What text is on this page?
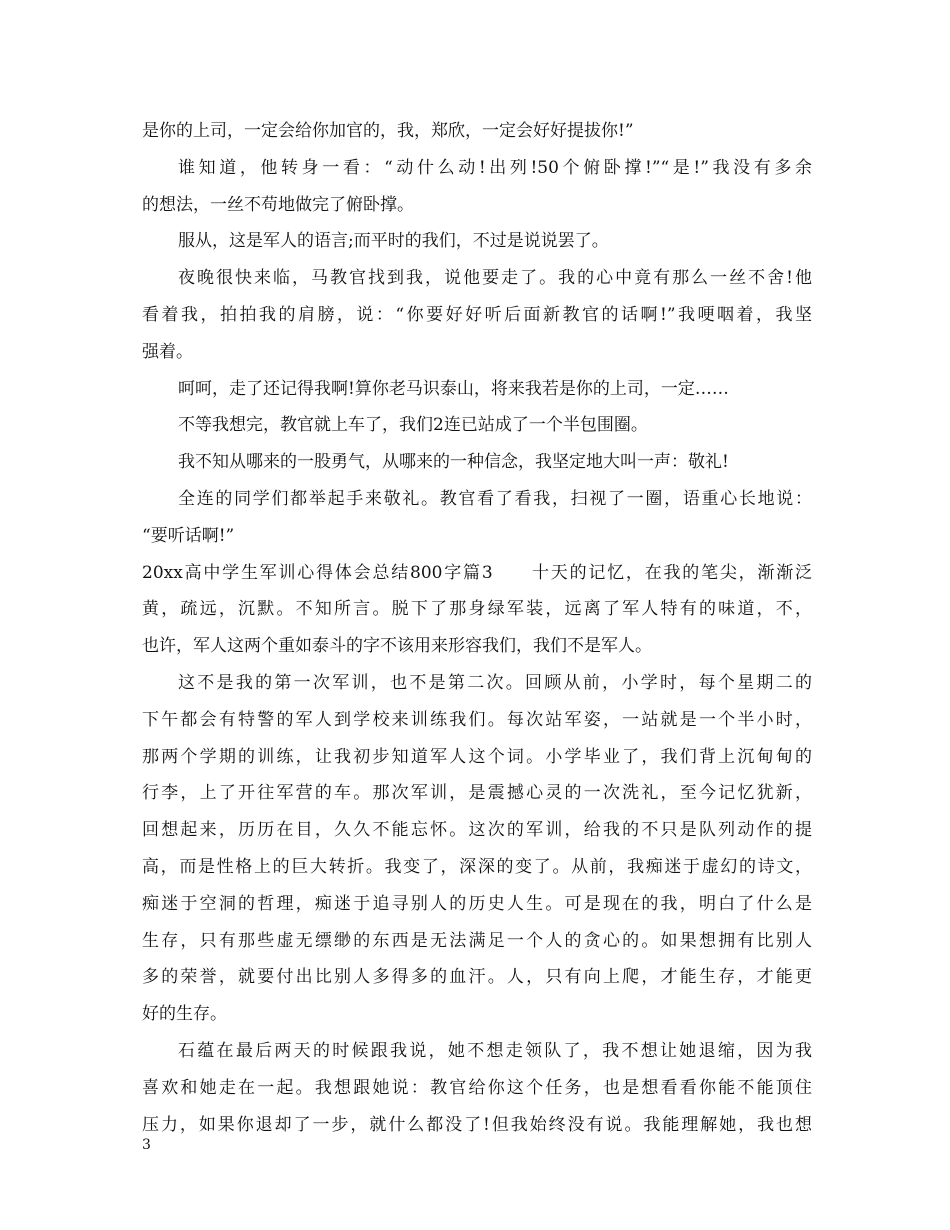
是你的上司，一定会给你加官的，我，郑欣，一定会好好提拔你!”
谁知道，他转身一看：“动什么动!出列!50个俯卧撑!”“是!”我没有多余
的想法，一丝不苟地做完了俯卧撑。
服从，这是军人的语言;而平时的我们，不过是说说罢了。
夜晚很快来临，马教官找到我，说他要走了。我的心中竟有那么一丝不舍!他
看着我，拍拍我的肩膀，说：“你要好好听后面新教官的话啊!”我哽咽着，我坚
强着。
呵呵，走了还记得我啊!算你老马识泰山，将来我若是你的上司，一定……
不等我想完，教官就上车了，我们2连已站成了一个半包围圈。
我不知从哪来的一股勇气，从哪来的一种信念，我坚定地大叫一声：敬礼!
全连的同学们都举起手来敬礼。教官看了看我，扫视了一圈，语重心长地说：
“要听话啊!”
20xx高中学生军训心得体会总结800字篇3　　十天的记忆，在我的笔尖，渐渐泛
黄，疏远，沉默。不知所言。脱下了那身绿军装，远离了军人特有的味道，不，
也许，军人这两个重如泰斗的字不该用来形容我们，我们不是军人。
这不是我的第一次军训，也不是第二次。回顾从前，小学时，每个星期二的
下午都会有特警的军人到学校来训练我们。每次站军姿，一站就是一个半小时，
那两个学期的训练，让我初步知道军人这个词。小学毕业了，我们背上沉甸甸的
行李，上了开往军营的车。那次军训，是震撼心灵的一次洗礼，至今记忆犹新，
回想起来，历历在目，久久不能忘怀。这次的军训，给我的不只是队列动作的提
高，而是性格上的巨大转折。我变了，深深的变了。从前，我痴迷于虚幻的诗文，
痴迷于空洞的哲理，痴迷于追寻别人的历史人生。可是现在的我，明白了什么是
生存，只有那些虚无缥缈的东西是无法满足一个人的贪心的。如果想拥有比别人
多的荣誉，就要付出比别人多得多的血汗。人，只有向上爬，才能生存，才能更
好的生存。
石蕴在最后两天的时候跟我说，她不想走领队了，我不想让她退缩，因为我
喜欢和她走在一起。我想跟她说：教官给你这个任务，也是想看看你能不能顶住
压力，如果你退却了一步，就什么都没了!但我始终没有说。我能理解她，我也想
3
